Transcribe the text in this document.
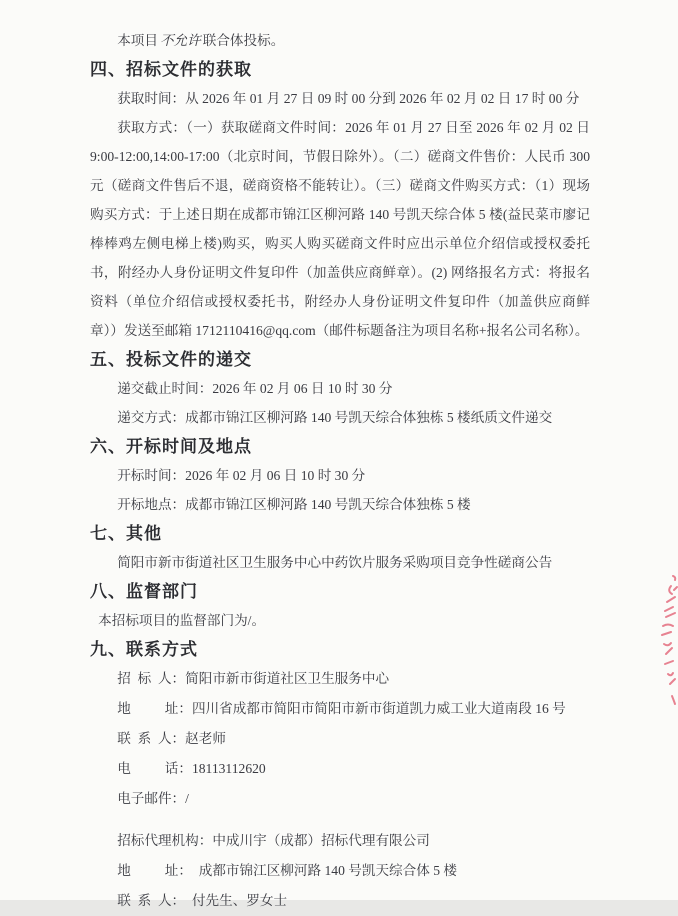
本项目 不允许 联合体投标。

四、招标文件的获取

获取时间：从 2026 年 01 月 27 日 09 时 00 分到 2026 年 02 月 02 日 17 时 00 分

获取方式：（一）获取磋商文件时间：2026 年 01 月 27 日至 2026 年 02 月 02 日 9:00-12:00,14:00-17:00（北京时间，节假日除外）。（二）磋商文件售价：人民币 300 元（磋商文件售后不退，磋商资格不能转让）。（三）磋商文件购买方式：（1）现场购买方式：于上述日期在成都市锦江区柳河路 140 号凯天综合体 5 楼(益民菜市廖记棒棒鸡左侧电梯上楼)购买，购买人购买磋商文件时应出示单位介绍信或授权委托书，附经办人身份证明文件复印件（加盖供应商鲜章）。(2) 网络报名方式：将报名资料（单位介绍信或授权委托书，附经办人身份证明文件复印件（加盖供应商鲜章））发送至邮箱 1712110416@qq.com（邮件标题备注为项目名称+报名公司名称）。

五、投标文件的递交

递交截止时间：2026 年 02 月 06 日 10 时 30 分

递交方式：成都市锦江区柳河路 140 号凯天综合体独栋 5 楼纸质文件递交

六、开标时间及地点

开标时间：2026 年 02 月 06 日 10 时 30 分

开标地点：成都市锦江区柳河路 140 号凯天综合体独栋 5 楼

七、其他

简阳市新市街道社区卫生服务中心中药饮片服务采购项目竞争性磋商公告

八、监督部门

本招标项目的监督部门为/。

九、联系方式

招  标  人：简阳市新市街道社区卫生服务中心

地          址：四川省成都市简阳市简阳市新市街道凯力威工业大道南段 16 号

联  系  人：赵老师

电          话：18113112620

电子邮件：/

招标代理机构：中成川宇（成都）招标代理有限公司

地          址：  成都市锦江区柳河路 140 号凯天综合体 5 楼

联  系  人：  付先生、罗女士
